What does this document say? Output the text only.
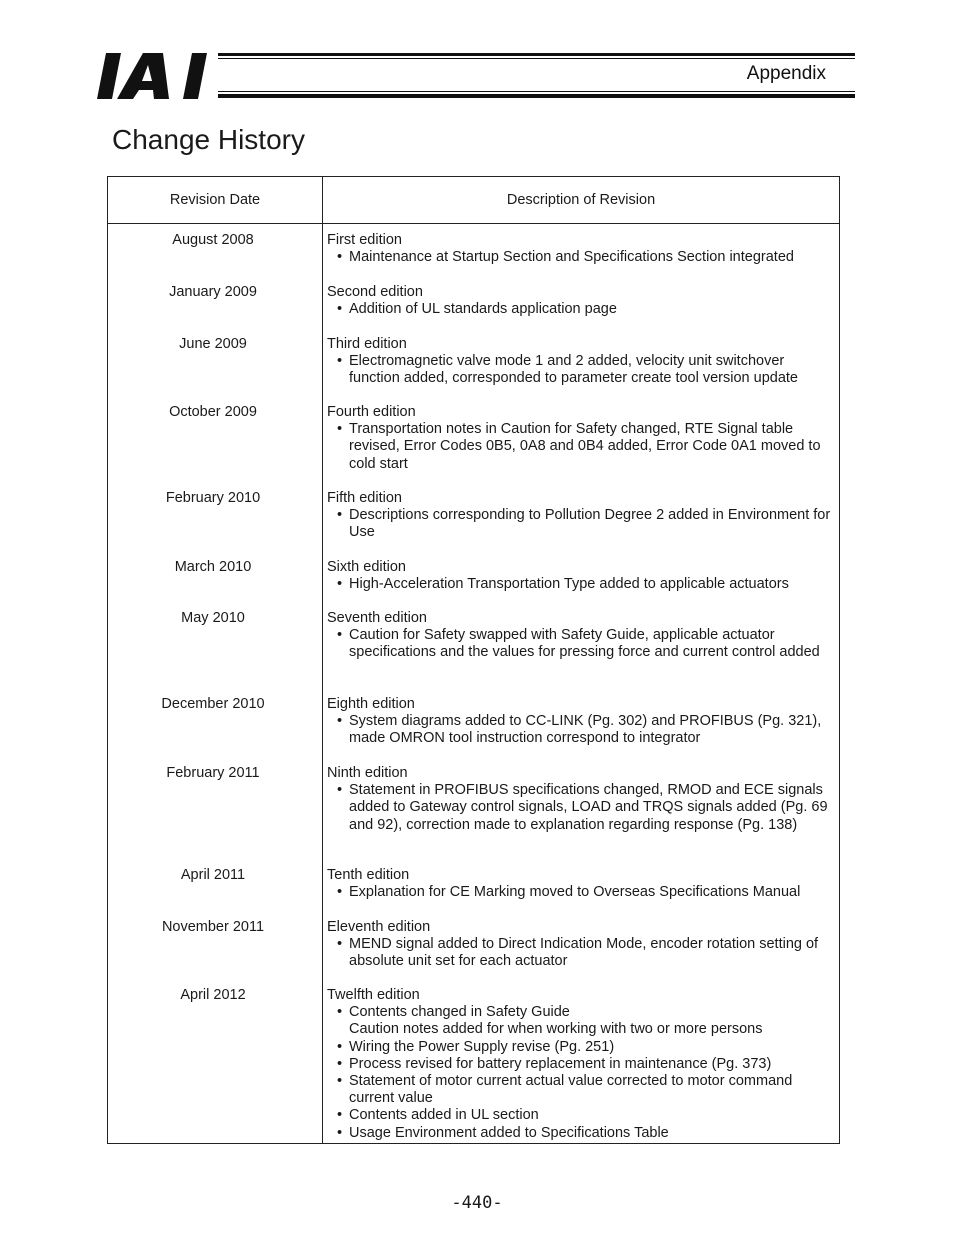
Appendix
Change History
Revision Date	Description of Revision
August 2008	First edition
• Maintenance at Startup Section and Specifications Section integrated
January 2009	Second edition
• Addition of UL standards application page
June 2009	Third edition
• Electromagnetic valve mode 1 and 2 added, velocity unit switchover function added, corresponded to parameter create tool version update
October 2009	Fourth edition
• Transportation notes in Caution for Safety changed, RTE Signal table revised, Error Codes 0B5, 0A8 and 0B4 added, Error Code 0A1 moved to cold start
February 2010	Fifth edition
• Descriptions corresponding to Pollution Degree 2 added in Environment for Use
March 2010	Sixth edition
• High-Acceleration Transportation Type added to applicable actuators
May 2010	Seventh edition
• Caution for Safety swapped with Safety Guide, applicable actuator specifications and the values for pressing force and current control added
December 2010	Eighth edition
• System diagrams added to CC-LINK (Pg. 302) and PROFIBUS (Pg. 321), made OMRON tool instruction correspond to integrator
February 2011	Ninth edition
• Statement in PROFIBUS specifications changed, RMOD and ECE signals added to Gateway control signals, LOAD and TRQS signals added (Pg. 69 and 92), correction made to explanation regarding response (Pg. 138)
April 2011	Tenth edition
• Explanation for CE Marking moved to Overseas Specifications Manual
November 2011	Eleventh edition
• MEND signal added to Direct Indication Mode, encoder rotation setting of absolute unit set for each actuator
April 2012	Twelfth edition
• Contents changed in Safety Guide
Caution notes added for when working with two or more persons
• Wiring the Power Supply revise (Pg. 251)
• Process revised for battery replacement in maintenance (Pg. 373)
• Statement of motor current actual value corrected to motor command current value
• Contents added in UL section
• Usage Environment added to Specifications Table
-440-
